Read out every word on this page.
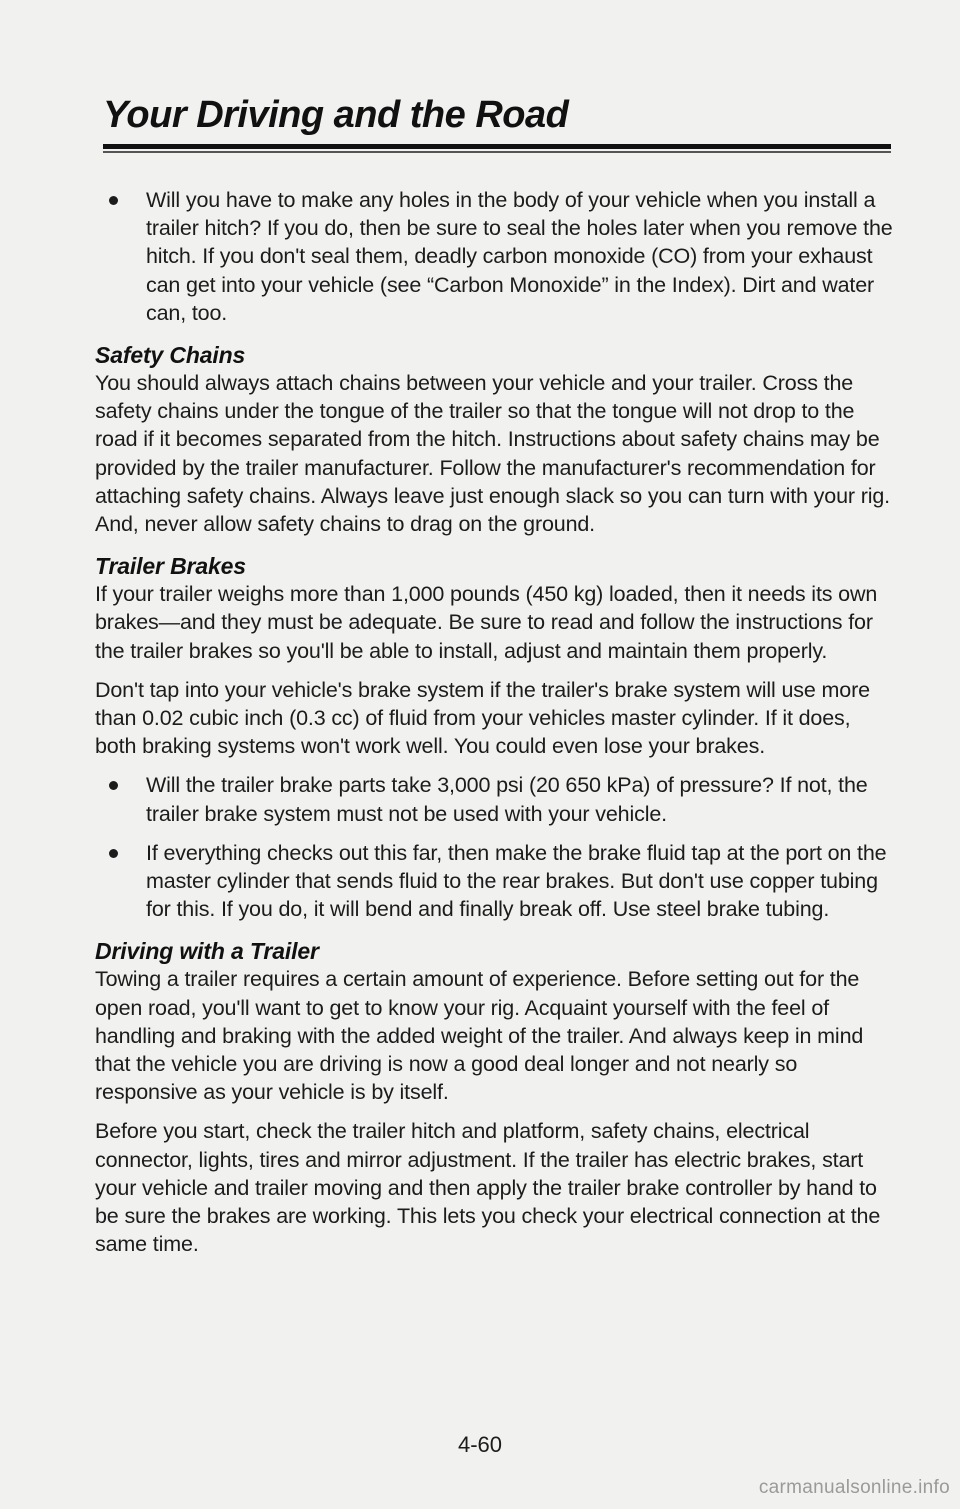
Your Driving and the Road
Will you have to make any holes in the body of your vehicle when you install a trailer hitch? If you do, then be sure to seal the holes later when you remove the hitch. If you don't seal them, deadly carbon monoxide (CO) from your exhaust can get into your vehicle (see “Carbon Monoxide” in the Index). Dirt and water can, too.
Safety Chains

You should always attach chains between your vehicle and your trailer. Cross the safety chains under the tongue of the trailer so that the tongue will not drop to the road if it becomes separated from the hitch. Instructions about safety chains may be provided by the trailer manufacturer. Follow the manufacturer's recommendation for attaching safety chains. Always leave just enough slack so you can turn with your rig. And, never allow safety chains to drag on the ground.

Trailer Brakes

If your trailer weighs more than 1,000 pounds (450 kg) loaded, then it needs its own brakes—and they must be adequate. Be sure to read and follow the instructions for the trailer brakes so you'll be able to install, adjust and maintain them properly.

Don't tap into your vehicle's brake system if the trailer's brake system will use more than 0.02 cubic inch (0.3 cc) of fluid from your vehicles master cylinder. If it does, both braking systems won't work well. You could even lose your brakes.

Will the trailer brake parts take 3,000 psi (20 650 kPa) of pressure? If not, the trailer brake system must not be used with your vehicle.
If everything checks out this far, then make the brake fluid tap at the port on the master cylinder that sends fluid to the rear brakes. But don't use copper tubing for this. If you do, it will bend and finally break off. Use steel brake tubing.
Driving with a Trailer

Towing a trailer requires a certain amount of experience. Before setting out for the open road, you'll want to get to know your rig. Acquaint yourself with the feel of handling and braking with the added weight of the trailer. And always keep in mind that the vehicle you are driving is now a good deal longer and not nearly so responsive as your vehicle is by itself.

Before you start, check the trailer hitch and platform, safety chains, electrical connector, lights, tires and mirror adjustment. If the trailer has electric brakes, start your vehicle and trailer moving and then apply the trailer brake controller by hand to be sure the brakes are working. This lets you check your electrical connection at the same time.

4-60
carmanualsonline.info
